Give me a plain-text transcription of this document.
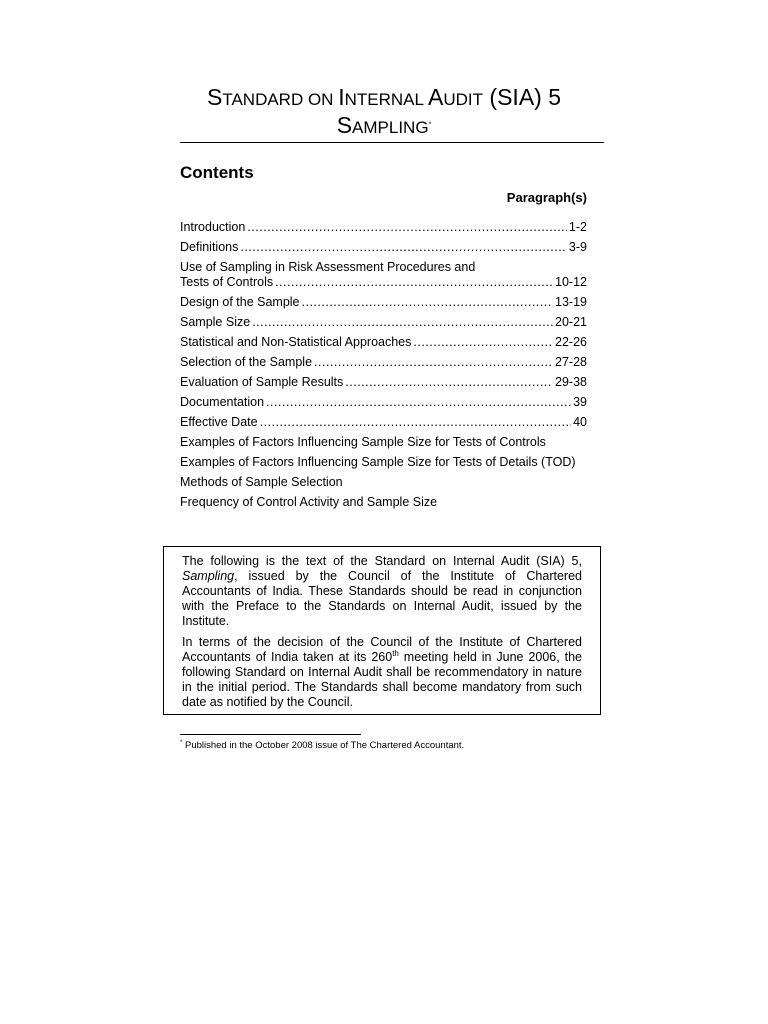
STANDARD ON INTERNAL AUDIT (SIA) 5
SAMPLING*
Contents
Paragraph(s)
Introduction .....	1-2
Definitions .....	3-9
Use of Sampling in Risk Assessment Procedures and
Tests of Controls .....	10-12
Design of the Sample .....	13-19
Sample Size .....	20-21
Statistical and Non-Statistical Approaches .....	22-26
Selection of the Sample .....	27-28
Evaluation of Sample Results .....	29-38
Documentation .....	39
Effective Date .....	40
Examples of Factors Influencing Sample Size for Tests of Controls
Examples of Factors Influencing Sample Size for Tests of Details (TOD)
Methods of Sample Selection
Frequency of Control Activity and Sample Size

The following is the text of the Standard on Internal Audit (SIA) 5, Sampling, issued by the Council of the Institute of Chartered Accountants of India. These Standards should be read in conjunction with the Preface to the Standards on Internal Audit, issued by the Institute.

In terms of the decision of the Council of the Institute of Chartered Accountants of India taken at its 260th meeting held in June 2006, the following Standard on Internal Audit shall be recommendatory in nature in the initial period. The Standards shall become mandatory from such date as notified by the Council.

* Published in the October 2008 issue of The Chartered Accountant.
